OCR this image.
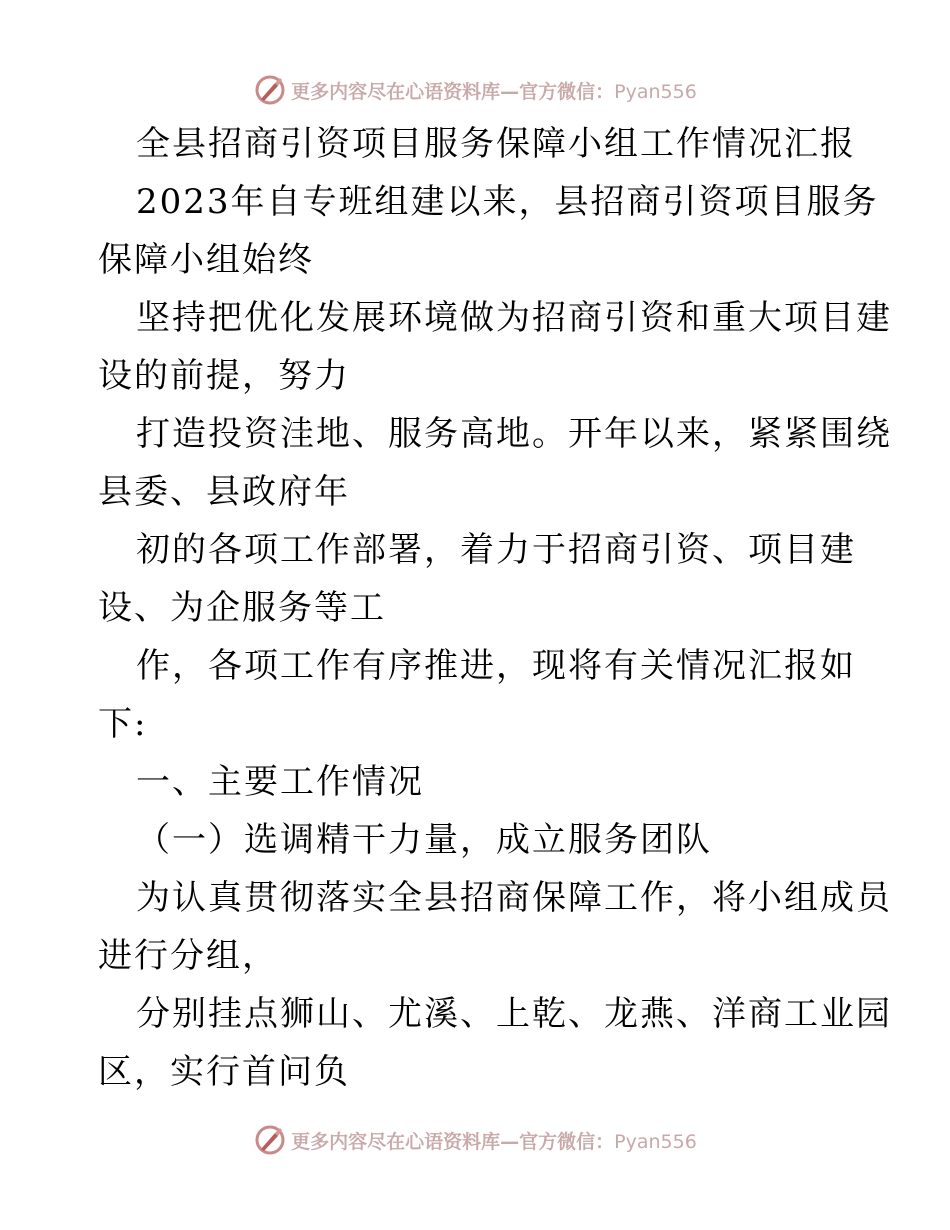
更多内容尽在心语资料库—官方微信：Pyan556
全县招商引资项目服务保障小组工作情况汇报
2023年自专班组建以来，县招商引资项目服务
保障小组始终
坚持把优化发展环境做为招商引资和重大项目建
设的前提，努力
打造投资洼地、服务高地。开年以来，紧紧围绕
县委、县政府年
初的各项工作部署，着力于招商引资、项目建
设、为企服务等工
作，各项工作有序推进，现将有关情况汇报如
下:
一、主要工作情况
（一）选调精干力量，成立服务团队
为认真贯彻落实全县招商保障工作，将小组成员
进行分组，
分别挂点狮山、尤溪、上乾、龙燕、洋商工业园
区，实行首问负
更多内容尽在心语资料库—官方微信：Pyan556
